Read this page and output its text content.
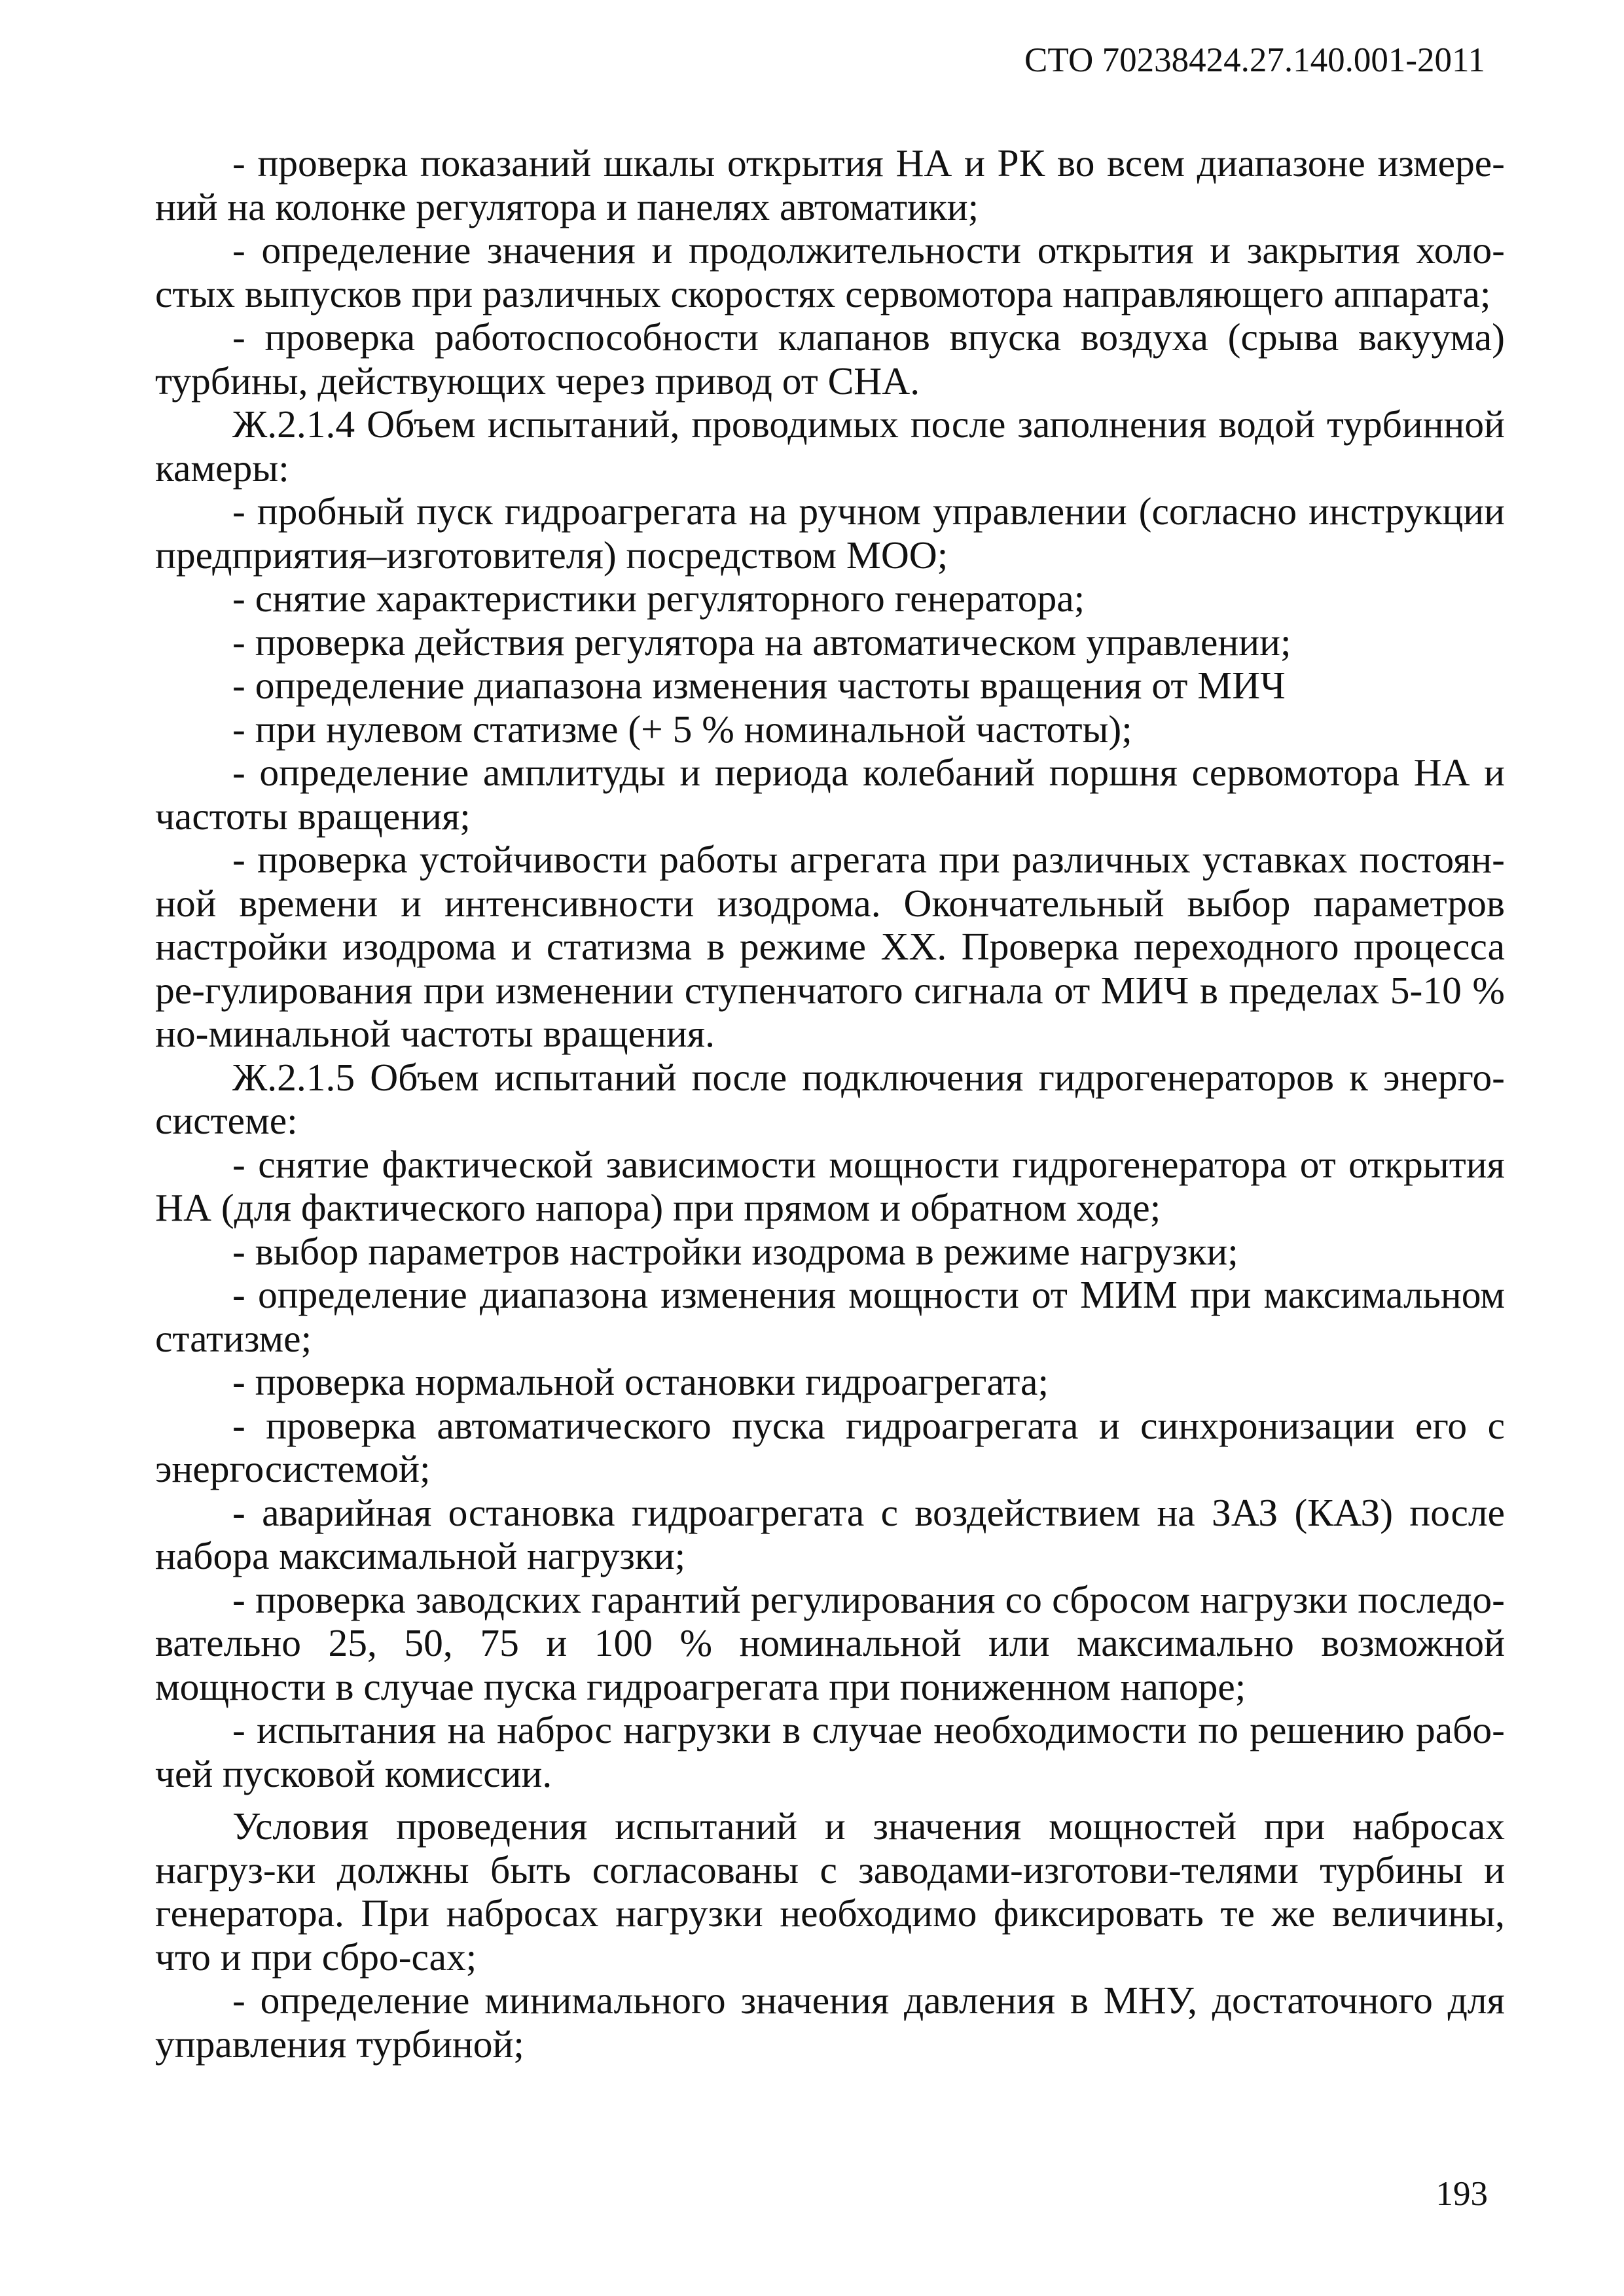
СТО 70238424.27.140.001-2011

- проверка показаний шкалы открытия НА и РК во всем диапазоне измере-ний на колонке регулятора и панелях автоматики;

- определение значения и продолжительности открытия и закрытия холо-стых выпусков при различных скоростях сервомотора направляющего аппарата;

- проверка работоспособности клапанов впуска воздуха (срыва вакуума) турбины, действующих через привод от СНА.

Ж.2.1.4 Объем испытаний, проводимых после заполнения водой турбинной камеры:

- пробный пуск гидроагрегата на ручном управлении (согласно инструкции предприятия–изготовителя) посредством МОО;

- снятие характеристики регуляторного генератора;

- проверка действия регулятора на автоматическом управлении;

- определение диапазона изменения частоты вращения от МИЧ

- при нулевом статизме (+ 5 % номинальной частоты);

- определение амплитуды и периода колебаний поршня сервомотора НА и частоты вращения;

- проверка устойчивости работы агрегата при различных уставках постоян-ной времени и интенсивности изодрома. Окончательный выбор параметров настройки изодрома и статизма в режиме ХХ. Проверка переходного процесса ре-гулирования при изменении ступенчатого сигнала от МИЧ в пределах 5-10 % но-минальной частоты вращения.

Ж.2.1.5 Объем испытаний после подключения гидрогенераторов к энерго-системе:

- снятие фактической зависимости мощности гидрогенератора от открытия НА (для фактического напора) при прямом и обратном ходе;

- выбор параметров настройки изодрома в режиме нагрузки;

- определение диапазона изменения мощности от МИМ при максимальном статизме;

- проверка нормальной остановки гидроагрегата;

- проверка автоматического пуска гидроагрегата и синхронизации его с энергосистемой;

- аварийная остановка гидроагрегата с воздействием на ЗАЗ (КАЗ) после набора максимальной нагрузки;

- проверка заводских гарантий регулирования со сбросом нагрузки последо-вательно 25, 50, 75 и 100 % номинальной или максимально возможной мощности в случае пуска гидроагрегата при пониженном напоре;

- испытания на наброс нагрузки в случае необходимости по решению рабо-чей пусковой комиссии.

Условия проведения испытаний и значения мощностей при набросах нагруз-ки должны быть согласованы с заводами-изготови-телями турбины и генератора. При набросах нагрузки необходимо фиксировать те же величины, что и при сбро-сах;

- определение минимального значения давления в МНУ, достаточного для управления турбиной;

193
